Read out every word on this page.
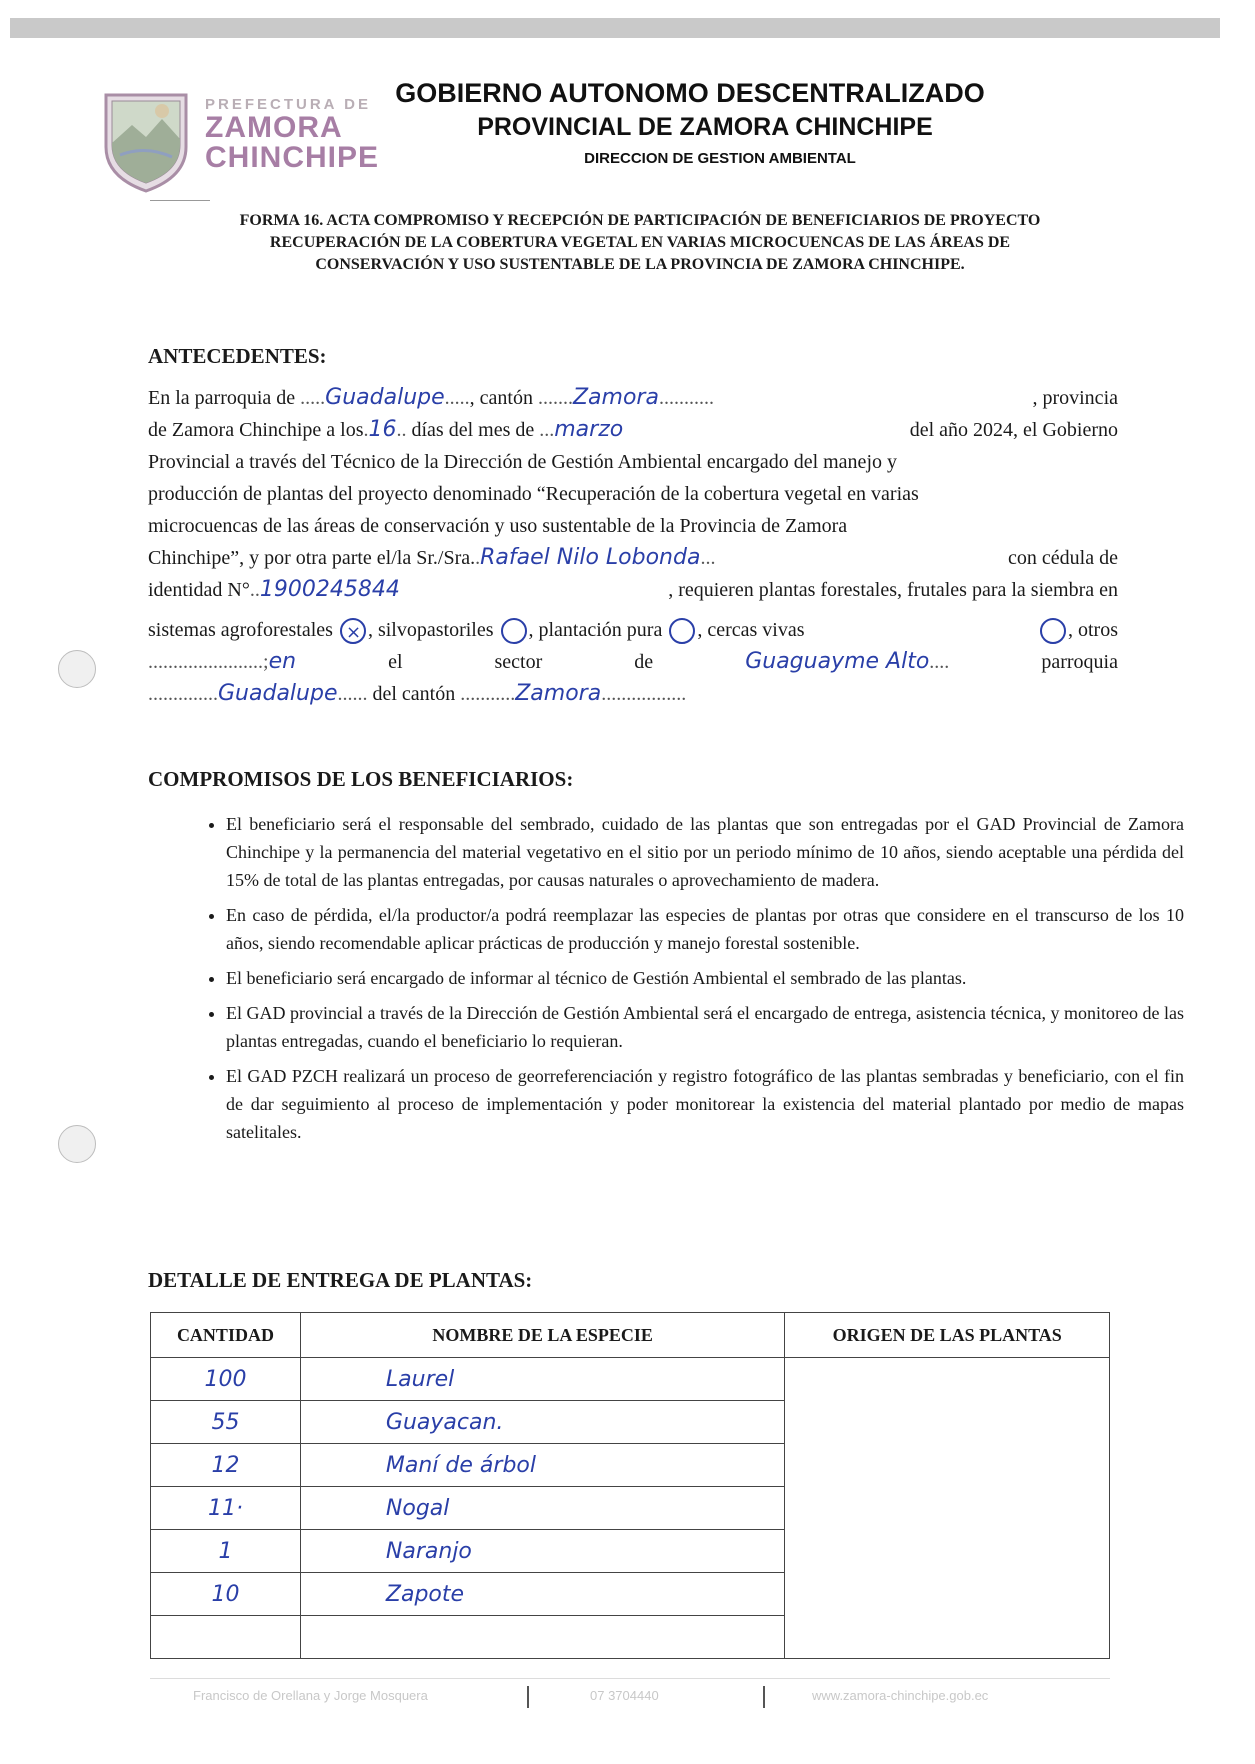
PREFECTURA DE
ZAMORA
CHINCHIPE
GOBIERNO AUTONOMO DESCENTRALIZADO
PROVINCIAL DE ZAMORA CHINCHIPE
DIRECCION DE GESTION AMBIENTAL
FORMA 16. ACTA COMPROMISO Y RECEPCIÓN DE PARTICIPACIÓN DE BENEFICIARIOS DE PROYECTO
RECUPERACIÓN DE LA COBERTURA VEGETAL EN VARIAS MICROCUENCAS DE LAS ÁREAS DE
CONSERVACIÓN Y USO SUSTENTABLE DE LA PROVINCIA DE ZAMORA CHINCHIPE.
ANTECEDENTES:
En la parroquia de .....Guadalupe....., cantón .......Zamora...........	, provincia
de Zamora Chinchipe a los.16.. días del mes de ...marzo	del año 2024, el Gobierno
Provincial a través del Técnico de la Dirección de Gestión Ambiental encargado del manejo y
producción de plantas del proyecto denominado “Recuperación de la cobertura vegetal en varias
microcuencas de las áreas de conservación y uso sustentable de la Provincia de Zamora
Chinchipe”, y por otra parte el/la Sr./Sra..Rafael Nilo Lobonda...	con cédula de
identidad N°..1900245844	, requieren plantas forestales, frutales para la siembra en
sistemas agroforestales × , silvopastoriles , plantación pura , cercas vivas	, otros
.......................;en	el	sector	de	Guaguayme Alto....	parroquia
..............Guadalupe...... del cantón ...........Zamora.................
COMPROMISOS DE LOS BENEFICIARIOS:
• El beneficiario será el responsable del sembrado, cuidado de las plantas que son entregadas por el GAD Provincial de Zamora Chinchipe y la permanencia del material vegetativo en el sitio por un periodo mínimo de 10 años, siendo aceptable una pérdida del 15% de total de las plantas entregadas, por causas naturales o aprovechamiento de madera.
• En caso de pérdida, el/la productor/a podrá reemplazar las especies de plantas por otras que considere en el transcurso de los 10 años, siendo recomendable aplicar prácticas de producción y manejo forestal sostenible.
• El beneficiario será encargado de informar al técnico de Gestión Ambiental el sembrado de las plantas.
• El GAD provincial a través de la Dirección de Gestión Ambiental será el encargado de entrega, asistencia técnica, y monitoreo de las plantas entregadas, cuando el beneficiario lo requieran.
• El GAD PZCH realizará un proceso de georreferenciación y registro fotográfico de las plantas sembradas y beneficiario, con el fin de dar seguimiento al proceso de implementación y poder monitorear la existencia del material plantado por medio de mapas satelitales.
DETALLE DE ENTREGA DE PLANTAS:
CANTIDAD	NOMBRE DE LA ESPECIE	ORIGEN DE LAS PLANTAS
100	Laurel	
55	Guayacan.	
12	Maní de árbol	
11·	Nogal	
1	Naranjo	
10	Zapote	

Francisco de Orellana y Jorge Mosquera	07 3704440	www.zamora-chinchipe.gob.ec
